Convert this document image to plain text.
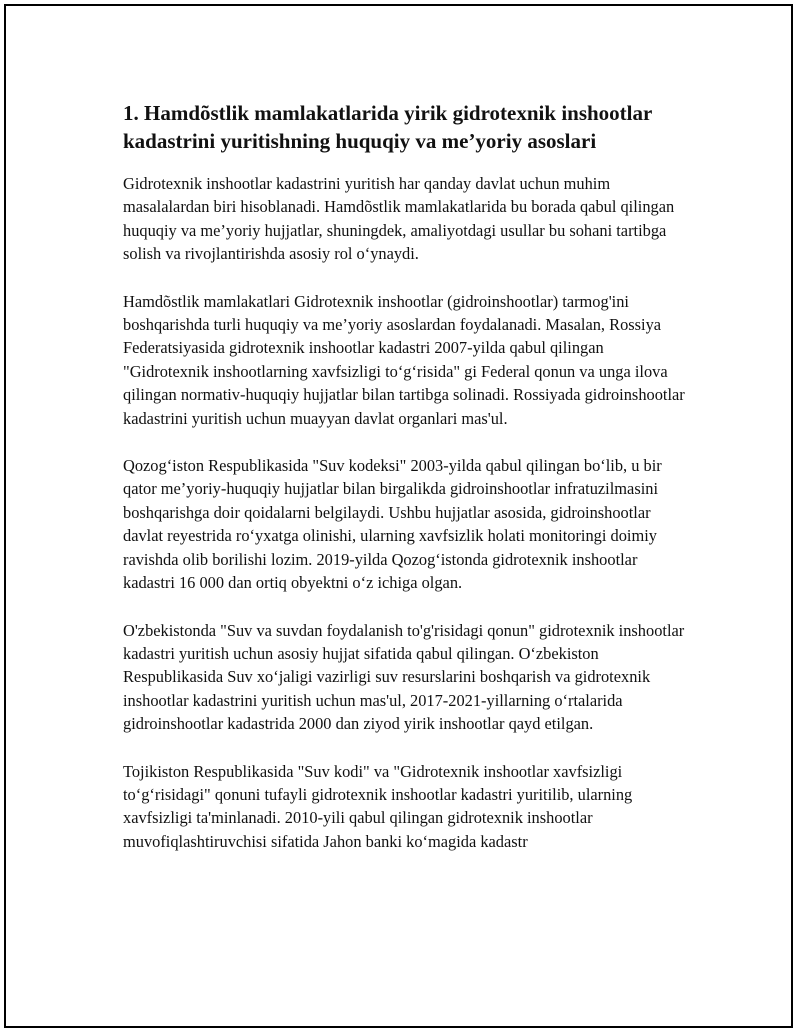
1. Hamdõstlik mamlakatlarida yirik gidrotexnik inshootlar kadastrini yuritishning huquqiy va me’yoriy asoslari

Gidrotexnik inshootlar kadastrini yuritish har qanday davlat uchun muhim masalalardan biri hisoblanadi. Hamdõstlik mamlakatlarida bu borada qabul qilingan huquqiy va me’yoriy hujjatlar, shuningdek, amaliyotdagi usullar bu sohani tartibga solish va rivojlantirishda asosiy rol o‘ynaydi.

Hamdõstlik mamlakatlari Gidrotexnik inshootlar (gidroinshootlar) tarmog'ini boshqarishda turli huquqiy va me’yoriy asoslardan foydalanadi. Masalan, Rossiya Federatsiyasida gidrotexnik inshootlar kadastri 2007-yilda qabul qilingan "Gidrotexnik inshootlarning xavfsizligi to‘g‘risida" gi Federal qonun va unga ilova qilingan normativ-huquqiy hujjatlar bilan tartibga solinadi. Rossiyada gidroinshootlar kadastrini yuritish uchun muayyan davlat organlari mas'ul.

Qozog‘iston Respublikasida "Suv kodeksi" 2003-yilda qabul qilingan bo‘lib, u bir qator me’yoriy-huquqiy hujjatlar bilan birgalikda gidroinshootlar infratuzilmasini boshqarishga doir qoidalarni belgilaydi. Ushbu hujjatlar asosida, gidroinshootlar davlat reyestrida ro‘yxatga olinishi, ularning xavfsizlik holati monitoringi doimiy ravishda olib borilishi lozim. 2019-yilda Qozog‘istonda gidrotexnik inshootlar kadastri 16 000 dan ortiq obyektni o‘z ichiga olgan.

O'zbekistonda "Suv va suvdan foydalanish to'g'risidagi qonun" gidrotexnik inshootlar kadastri yuritish uchun asosiy hujjat sifatida qabul qilingan. O‘zbekiston Respublikasida Suv xo‘jaligi vazirligi suv resurslarini boshqarish va gidrotexnik inshootlar kadastrini yuritish uchun mas'ul, 2017-2021-yillarning o‘rtalarida gidroinshootlar kadastrida 2000 dan ziyod yirik inshootlar qayd etilgan.

Tojikiston Respublikasida "Suv kodi" va "Gidrotexnik inshootlar xavfsizligi to‘g‘risidagi" qonuni tufayli gidrotexnik inshootlar kadastri yuritilib, ularning xavfsizligi ta'minlanadi. 2010-yili qabul qilingan gidrotexnik inshootlar muvofiqlashtiruvchisi sifatida Jahon banki ko‘magida kadastr
